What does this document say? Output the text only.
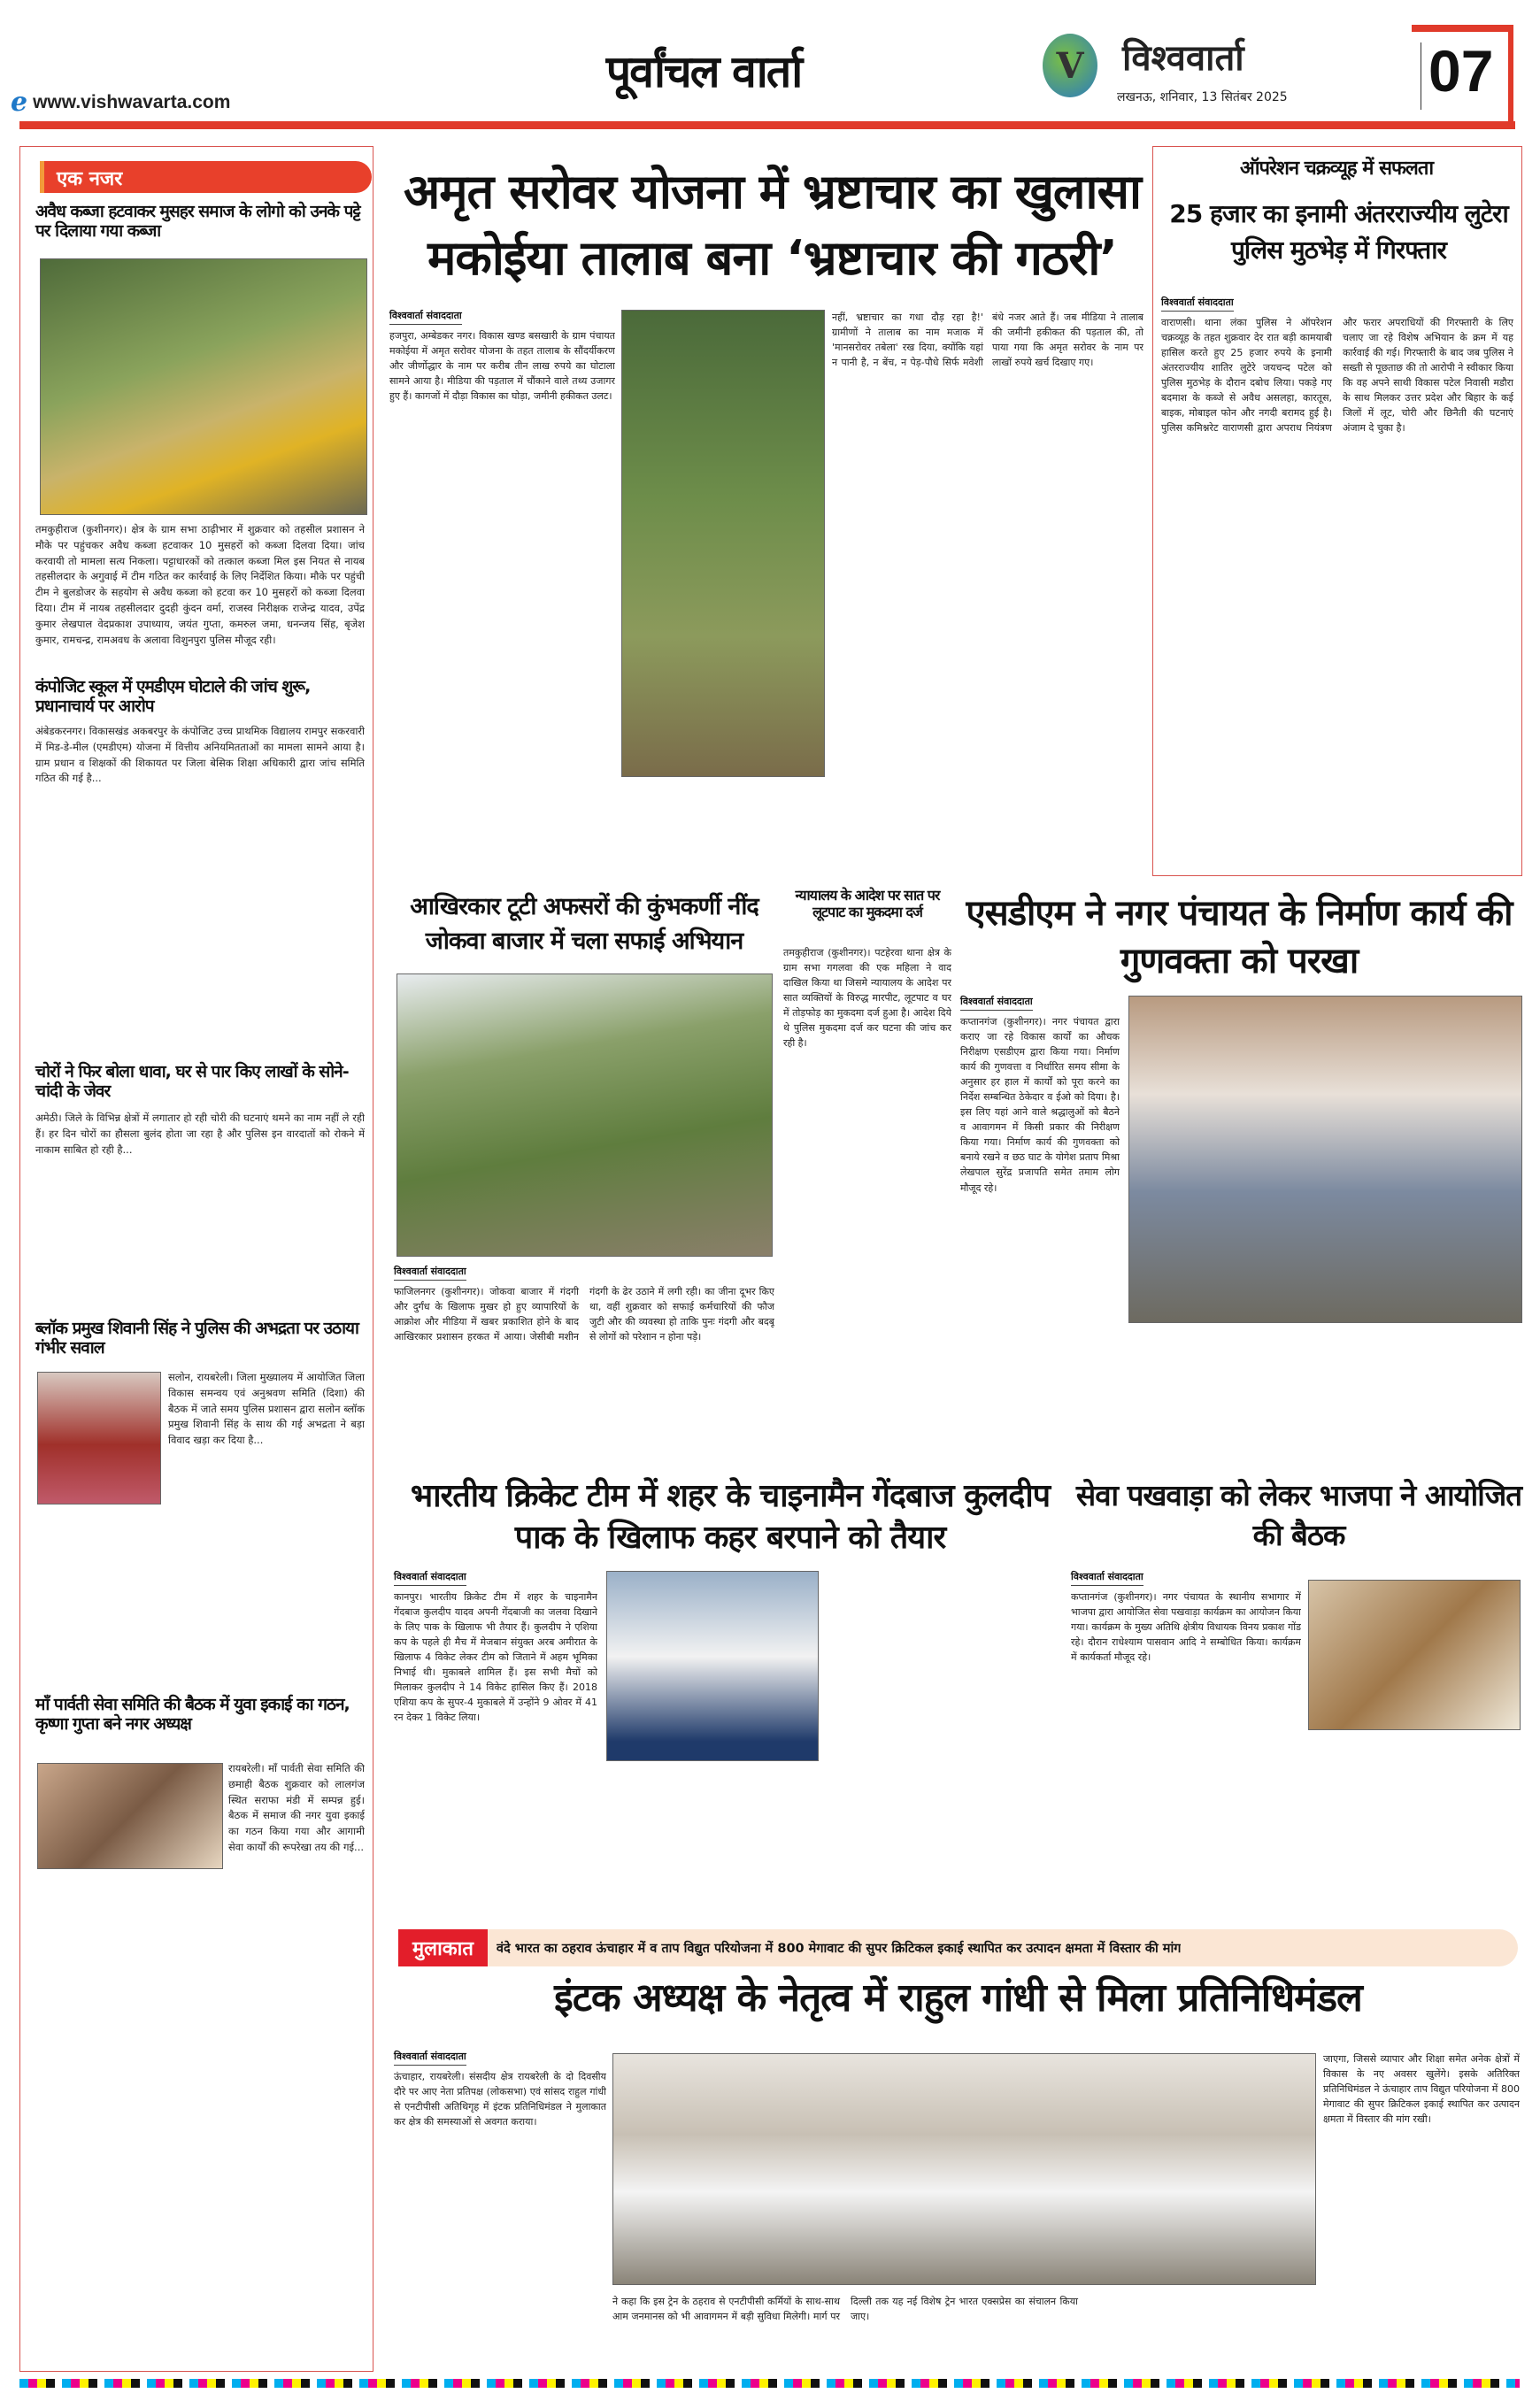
e www.vishwavarta.com
पूर्वांचल वार्ता	V	विश्ववार्ता
लखनऊ, शनिवार, 13 सितंबर 2025 07
एक नजर
अवैध कब्जा हटवाकर मुसहर समाज के लोगो को उनके पट्टे पर दिलाया गया कब्जा
तमकुहीराज (कुशीनगर)। क्षेत्र के ग्राम सभा ठाढ़ीभार में शुक्रवार को तहसील प्रशासन ने मौके पर पहुंचकर अवैध कब्जा हटवाकर 10 मुसहरों को कब्जा दिलवा दिया। जांच करवायी तो मामला सत्य निकला। पट्टाधारकों को तत्काल कब्जा मिल इस नियत से नायब तहसीलदार के अगुवाई में टीम गठित कर कार्रवाई के लिए निर्देशित किया। मौके पर पहुंची टीम ने बुलडोजर के सहयोग से अवैध कब्जा को हटवा कर 10 मुसहरों को कब्जा दिलवा दिया। टीम में नायब तहसीलदार दुदही कुंदन वर्मा, राजस्व निरीक्षक राजेन्द्र यादव, उपेंद्र कुमार लेखपाल वेदप्रकाश उपाध्याय, जयंत गुप्ता, कमरुल जमा, धनन्जय सिंह, बृजेश कुमार, रामचन्द्र, रामअवध के अलावा विशुनपुरा पुलिस मौजूद रही।
कंपोजिट स्कूल में एमडीएम घोटाले की जांच शुरू, प्रधानाचार्य पर आरोप
अंबेडकरनगर। विकासखंड अकबरपुर के कंपोजिट उच्च प्राथमिक विद्यालय रामपुर सकरवारी में मिड-डे-मील (एमडीएम) योजना में वित्तीय अनियमितताओं का मामला सामने आया है। ग्राम प्रधान व शिक्षकों की शिकायत पर जिला बेसिक शिक्षा अधिकारी द्वारा जांच समिति गठित की गई है...
चोरों ने फिर बोला धावा, घर से पार किए लाखों के सोने-चांदी के जेवर
अमेठी। जिले के विभिन्न क्षेत्रों में लगातार हो रही चोरी की घटनाएं थमने का नाम नहीं ले रही हैं। हर दिन चोरों का हौसला बुलंद होता जा रहा है और पुलिस इन वारदातों को रोकने में नाकाम साबित हो रही है...
ब्लॉक प्रमुख शिवानी सिंह ने पुलिस की अभद्रता पर उठाया गंभीर सवाल
सलोन, रायबरेली। जिला मुख्यालय में आयोजित जिला विकास समन्वय एवं अनुश्रवण समिति (दिशा) की बैठक में जाते समय पुलिस प्रशासन द्वारा सलोन ब्लॉक प्रमुख शिवानी सिंह के साथ की गई अभद्रता ने बड़ा विवाद खड़ा कर दिया है...
माँ पार्वती सेवा समिति की बैठक में युवा इकाई का गठन, कृष्णा गुप्ता बने नगर अध्यक्ष
रायबरेली। माँ पार्वती सेवा समिति की छमाही बैठक शुक्रवार को लालगंज स्थित सराफा मंडी में सम्पन्न हुई। बैठक में समाज की नगर युवा इकाई का गठन किया गया और आगामी सेवा कार्यों की रूपरेखा तय की गई...
अमृत सरोवर योजना में भ्रष्टाचार का खुलासा मकोईया तालाब बना ‘भ्रष्टाचार की गठरी’
विश्ववार्ता संवाददाता
हजपुरा, अम्बेडकर नगर। विकास खण्ड बसखारी के ग्राम पंचायत मकोईया में अमृत सरोवर योजना के तहत तालाब के सौंदर्यीकरण और जीर्णोद्धार के नाम पर करीब तीन लाख रुपये का घोटाला सामने आया है। मीडिया की पड़ताल में चौंकाने वाले तथ्य उजागर हुए हैं। कागजों में दौड़ा विकास का घोड़ा, जमीनी हकीकत उलट।
नहीं, भ्रष्टाचार का गधा दौड़ रहा है!' ग्रामीणों ने तालाब का नाम मजाक में 'मानसरोवर तबेला' रख दिया, क्योंकि यहां न पानी है, न बेंच, न पेड़-पौधे सिर्फ मवेशी बंधे नजर आते हैं। जब मीडिया ने तालाब की जमीनी हकीकत की पड़ताल की, तो पाया गया कि अमृत सरोवर के नाम पर लाखों रुपये खर्च दिखाए गए।
ऑपरेशन चक्रव्यूह में सफलता
25 हजार का इनामी अंतरराज्यीय लुटेरा पुलिस मुठभेड़ में गिरफ्तार
विश्ववार्ता संवाददाता
वाराणसी। थाना लंका पुलिस ने ऑपरेशन चक्रव्यूह के तहत शुक्रवार देर रात बड़ी कामयाबी हासिल करते हुए 25 हजार रुपये के इनामी अंतरराज्यीय शातिर लुटेरे जयचन्द पटेल को पुलिस मुठभेड़ के दौरान दबोच लिया। पकड़े गए बदमाश के कब्जे से अवैध असलहा, कारतूस, बाइक, मोबाइल फोन और नगदी बरामद हुई है। पुलिस कमिश्नरेट वाराणसी द्वारा अपराध नियंत्रण और फरार अपराधियों की गिरफ्तारी के लिए चलाए जा रहे विशेष अभियान के क्रम में यह कार्रवाई की गई। गिरफ्तारी के बाद जब पुलिस ने सख्ती से पूछताछ की तो आरोपी ने स्वीकार किया कि वह अपने साथी विकास पटेल निवासी मडौरा के साथ मिलकर उत्तर प्रदेश और बिहार के कई जिलों में लूट, चोरी और छिनैती की घटनाएं अंजाम दे चुका है।
आखिरकार टूटी अफसरों की कुंभकर्णी नींद जोकवा बाजार में चला सफाई अभियान
विश्ववार्ता संवाददाता
फाजिलनगर (कुशीनगर)। जोकवा बाजार में गंदगी और दुर्गंध के खिलाफ मुखर हो हुए व्यापारियों के आक्रोश और मीडिया में खबर प्रकाशित होने के बाद आखिरकार प्रशासन हरकत में आया। जेसीबी मशीन गंदगी के ढेर उठाने में लगी रही। का जीना दूभर किए था, वहीं शुक्रवार को सफाई कर्मचारियों की फौज जुटी और की व्यवस्था हो ताकि पुनः गंदगी और बदबू से लोगों को परेशान न होना पड़े।
न्यायालय के आदेश पर सात पर लूटपाट का मुकदमा दर्ज
तमकुहीराज (कुशीनगर)। पटहेरवा थाना क्षेत्र के ग्राम सभा गगलवा की एक महिला ने वाद दाखिल किया था जिसमे न्यायालय के आदेश पर सात व्यक्तियों के विरुद्ध मारपीट, लूटपाट व घर में तोड़फोड़ का मुकदमा दर्ज हुआ है। आदेश दिये थे पुलिस मुकदमा दर्ज कर घटना की जांच कर रही है।
एसडीएम ने नगर पंचायत के निर्माण कार्य की गुणवक्ता को परखा
विश्ववार्ता संवाददाता
कप्तानगंज (कुशीनगर)। नगर पंचायत द्वारा कराए जा रहे विकास कार्यों का औचक निरीक्षण एसडीएम द्वारा किया गया। निर्माण कार्य की गुणवत्ता व निर्धारित समय सीमा के अनुसार हर हाल में कार्यों को पूरा करने का निर्देश सम्बन्धित ठेकेदार व ईओ को दिया। है। इस लिए यहां आने वाले श्रद्धालुओं को बैठने व आवागमन में किसी प्रकार की निरीक्षण किया गया। निर्माण कार्य की गुणवक्ता को बनाये रखने व छठ घाट के योगेश प्रताप मिश्रा लेखपाल सुरेंद्र प्रजापति समेत तमाम लोग मौजूद रहे।
भारतीय क्रिकेट टीम में शहर के चाइनामैन गेंदबाज कुलदीप पाक के खिलाफ कहर बरपाने को तैयार
विश्ववार्ता संवाददाता
कानपुर। भारतीय क्रिकेट टीम में शहर के चाइनामैन गेंदबाज कुलदीप यादव अपनी गेंदबाजी का जलवा दिखाने के लिए पाक के खिलाफ भी तैयार हैं। कुलदीप ने एशिया कप के पहले ही मैच में मेजबान संयुक्त अरब अमीरात के खिलाफ 4 विकेट लेकर टीम को जिताने में अहम भूमिका निभाई थी। मुकाबले शामिल हैं। इस सभी मैचों को मिलाकर कुलदीप ने 14 विकेट हासिल किए हैं। 2018 एशिया कप के सुपर-4 मुकाबले में उन्होंने 9 ओवर में 41 रन देकर 1 विकेट लिया।
सेवा पखवाड़ा को लेकर भाजपा ने आयोजित की बैठक
विश्ववार्ता संवाददाता
कप्तानगंज (कुशीनगर)। नगर पंचायत के स्थानीय सभागार में भाजपा द्वारा आयोजित सेवा पखवाड़ा कार्यक्रम का आयोजन किया गया। कार्यक्रम के मुख्य अतिथि क्षेत्रीय विधायक विनय प्रकाश गोंड रहे। दौरान राधेश्याम पासवान आदि ने सम्बोधित किया। कार्यक्रम में कार्यकर्ता मौजूद रहे।
मुलाकात	वंदे भारत का ठहराव ऊंचाहार में व ताप विद्युत परियोजना में 800 मेगावाट की सुपर क्रिटिकल इकाई स्थापित कर उत्पादन क्षमता में विस्तार की मांग
इंटक अध्यक्ष के नेतृत्व में राहुल गांधी से मिला प्रतिनिधिमंडल
विश्ववार्ता संवाददाता
ऊंचाहार, रायबरेली। संसदीय क्षेत्र रायबरेली के दो दिवसीय दौरे पर आए नेता प्रतिपक्ष (लोकसभा) एवं सांसद राहुल गांधी से एनटीपीसी अतिथिगृह में इंटक प्रतिनिधिमंडल ने मुलाकात कर क्षेत्र की समस्याओं से अवगत कराया।
जाएगा, जिससे व्यापार और शिक्षा समेत अनेक क्षेत्रों में विकास के नए अवसर खुलेंगे। इसके अतिरिक्त प्रतिनिधिमंडल ने ऊंचाहार ताप विद्युत परियोजना में 800 मेगावाट की सुपर क्रिटिकल इकाई स्थापित कर उत्पादन क्षमता में विस्तार की मांग रखी।
ने कहा कि इस ट्रेन के ठहराव से एनटीपीसी कर्मियों के साथ-साथ आम जनमानस को भी आवागमन में बड़ी सुविधा मिलेगी। मार्ग पर दिल्ली तक यह नई विशेष ट्रेन भारत एक्सप्रेस का संचालन किया जाए।
